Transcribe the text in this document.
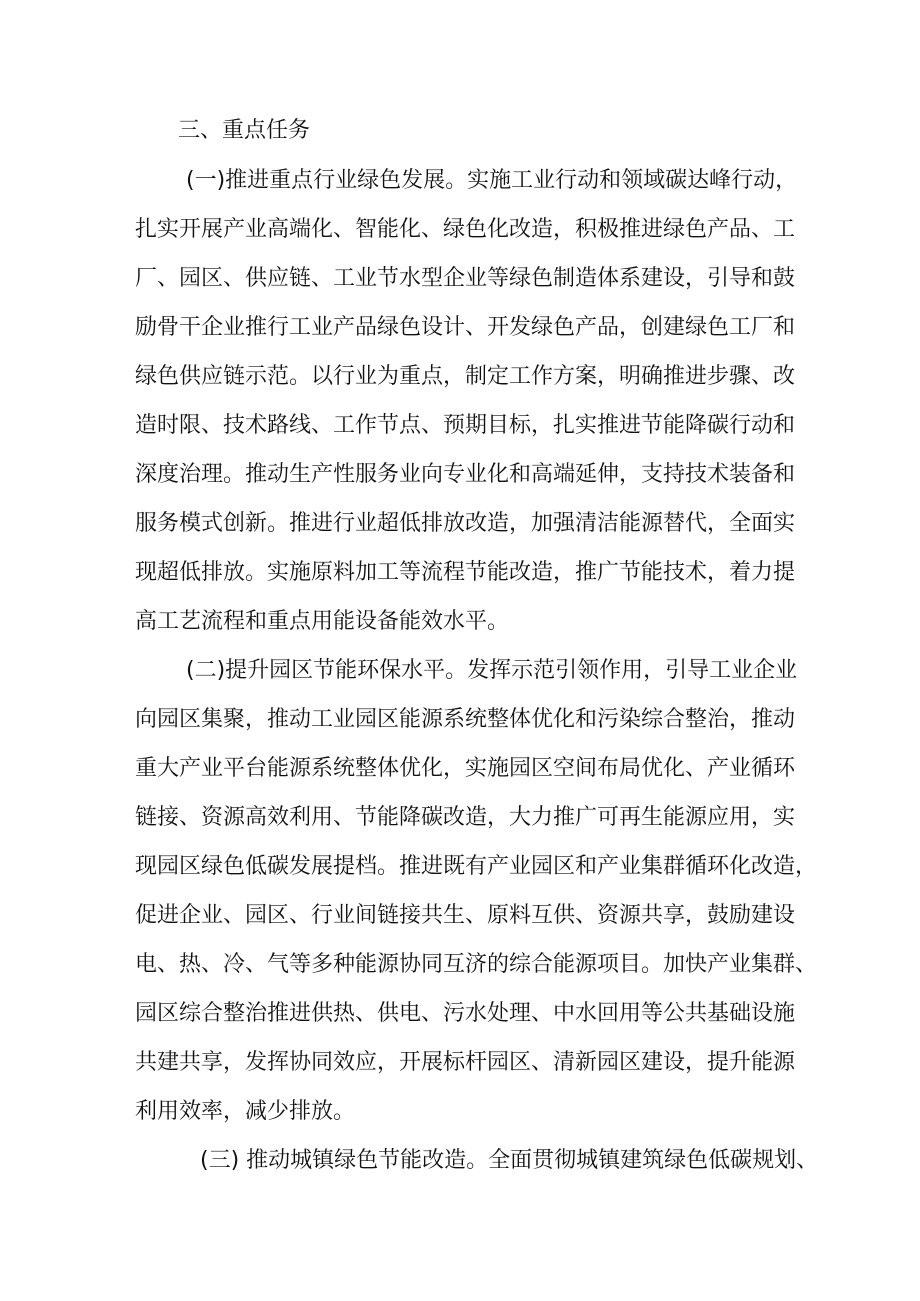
三、重点任务
(一)推进重点行业绿色发展。实施工业行动和领域碳达峰行动，
扎实开展产业高端化、智能化、绿色化改造，积极推进绿色产品、工
厂、园区、供应链、工业节水型企业等绿色制造体系建设，引导和鼓
励骨干企业推行工业产品绿色设计、开发绿色产品，创建绿色工厂和
绿色供应链示范。以行业为重点，制定工作方案，明确推进步骤、改
造时限、技术路线、工作节点、预期目标，扎实推进节能降碳行动和
深度治理。推动生产性服务业向专业化和高端延伸，支持技术装备和
服务模式创新。推进行业超低排放改造，加强清洁能源替代，全面实
现超低排放。实施原料加工等流程节能改造，推广节能技术，着力提
高工艺流程和重点用能设备能效水平。
(二)提升园区节能环保水平。发挥示范引领作用，引导工业企业
向园区集聚，推动工业园区能源系统整体优化和污染综合整治，推动
重大产业平台能源系统整体优化，实施园区空间布局优化、产业循环
链接、资源高效利用、节能降碳改造，大力推广可再生能源应用，实
现园区绿色低碳发展提档。推进既有产业园区和产业集群循环化改造，
促进企业、园区、行业间链接共生、原料互供、资源共享，鼓励建设
电、热、冷、气等多种能源协同互济的综合能源项目。加快产业集群、
园区综合整治推进供热、供电、污水处理、中水回用等公共基础设施
共建共享，发挥协同效应，开展标杆园区、清新园区建设，提升能源
利用效率，减少排放。
(三) 推动城镇绿色节能改造。全面贯彻城镇建筑绿色低碳规划、
